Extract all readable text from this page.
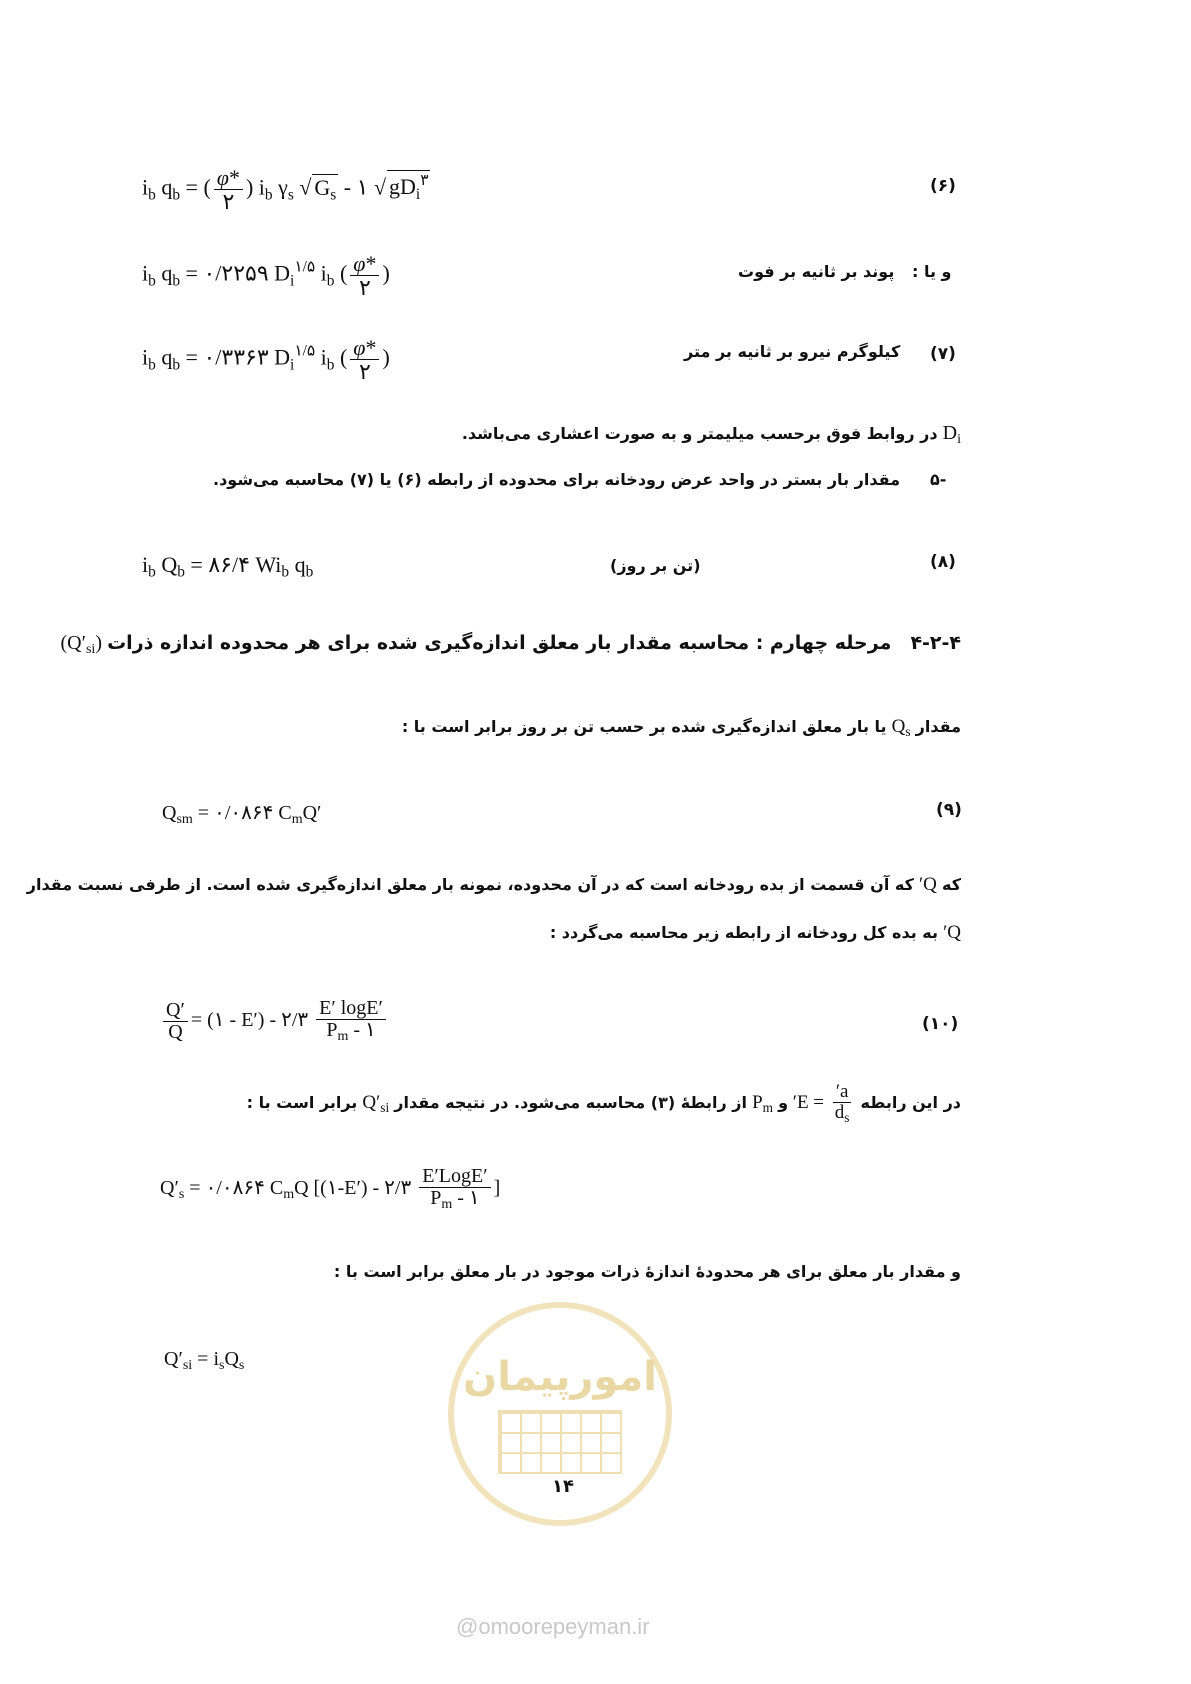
$i_b$ $q_b$ = ( $\frac{\varphi*}{۲}$ ) $i_b$ $\gamma_s$ √ $G_s$ - ۱ √ $gD_i^۳$	(۶)
$i_b$ $q_b$ = ۰/۲۲۵۹ $D_i^{۱/۵}$ $i_b$ ( $\frac{\varphi*}{۲}$ )	پوند بر ثانیه بر فوت و یا :
$i_b$ $q_b$ = ۰/۳۳۶۳ $D_i^{۱/۵}$ $i_b$ ( $\frac{\varphi*}{۲}$ )	کیلوگرم نیرو بر ثانیه بر متر (۷)
$D_i$ در روابط فوق برحسب میلیمتر و به صورت اعشاری می‌باشد.
-۵
مقدار بار بستر در واحد عرض رودخانه برای محدوده از رابطه (۶) یا (۷) محاسبه می‌شود.
$i_b$ $Q_b$ = ۸۶/۴ $Wi_b$ $q_b$	(تن بر روز)	(۸)
۴-۲-۴ مرحله چهارم : محاسبه مقدار بار معلق اندازه‌گیری شده برای هر محدوده اندازه ذرات $(Q'_{si})$
مقدار $Q_s$ یا بار معلق اندازه‌گیری شده بر حسب تن بر روز برابر است با :
$Q_{sm}$ = ۰/۰۸۶۴ $C_mQ'$	(۹)
که Q′ که آن قسمت از بده رودخانه است که در آن محدوده، نمونه بار معلق اندازه‌گیری شده است. از طرفی نسبت مقدار
Q′ به بده کل رودخانه از رابطه زیر محاسبه می‌گردد :
$\frac{Q'}{Q}$ = (۱ - E′) - ۲/۳ $\frac{E' \log E'}{P_m - ۱}$	(۱۰)
در این رابطه
$\frac{a'}{d_s}$
= E′ و $P_m$ از رابطهٔ (۳) محاسبه می‌شود. در نتیجه مقدار $Q'_{si}$ برابر است با :
$Q'_s$ = ۰/۰۸۶۴ $C_mQ$ [(۱-E′) - ۲/۳ $\frac{\text{E′LogE′}}{P_m - ۱}$ ]
و مقدار بار معلق برای هر محدودهٔ اندازهٔ ذرات موجود در بار معلق برابر است با :
$Q'_{si} = i_sQ_s$	امورپیمان
۱۴
@omoorepeyman.ir
